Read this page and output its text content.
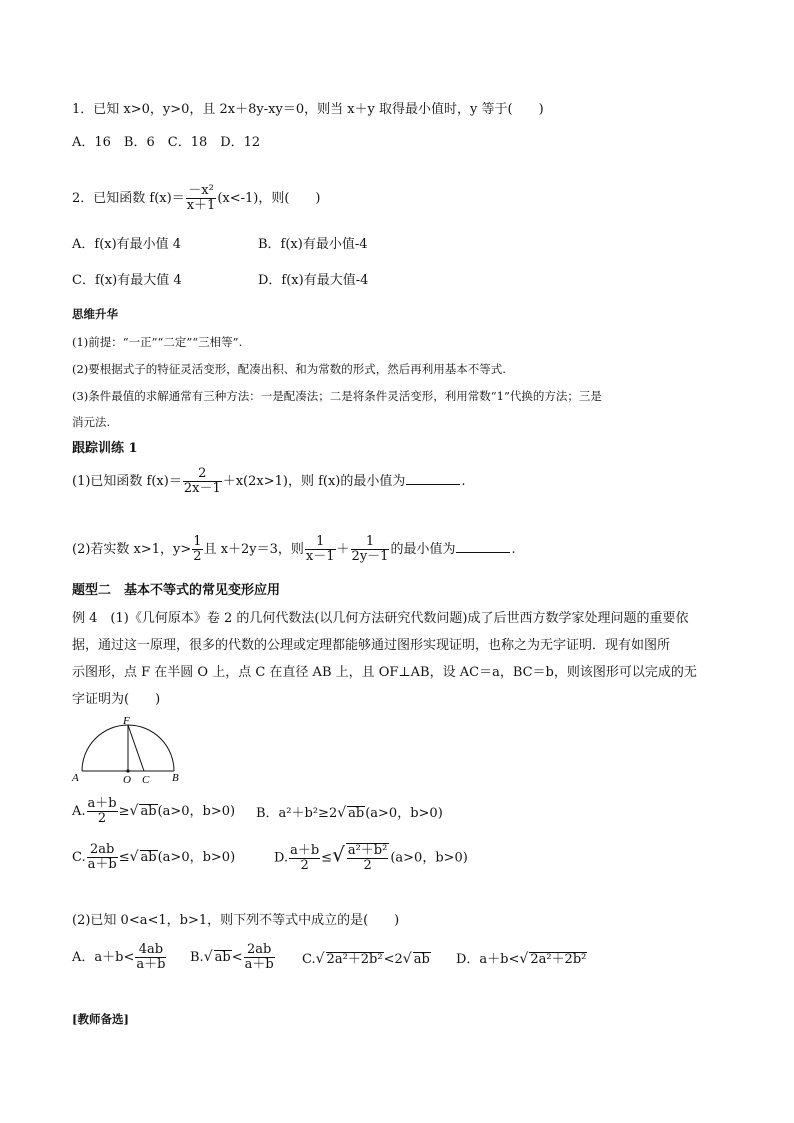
1．已知 x>0，y>0，且 2x＋8y-xy＝0，则当 x＋y 取得最小值时，y 等于(　　)
A．16　B．6　C．18　D．12
2．已知函数 $f(x)= \frac{\text{－x²}}{x+1} (x<-1)$，则(　　)
A．f(x)有最小值 4	B．f(x)有最小值-4
C．f(x)有最大值 4	D．f(x)有最大值-4
思维升华
(1)前提：“一正”“二定”“三相等”.
(2)要根据式子的特征灵活变形，配凑出积、和为常数的形式，然后再利用基本不等式.
(3)条件最值的求解通常有三种方法：一是配凑法；二是将条件灵活变形，利用常数“1”代换的方法；三是
消元法.
跟踪训练 1
(1)已知函数 $f(x)= \frac{2}{2x-1} +x(2x>1)$，则 f(x)的最小值为	.
(2)若实数 x>1，$y> \frac{1}{2}$ 且 x＋2y＝3，则 $\frac{1}{x-1} + \frac{1}{2y-1}$ 的最小值为	.
题型二　基本不等式的常见变形应用
例 4　(1)《几何原本》卷 2 的几何代数法(以几何方法研究代数问题)成了后世西方数学家处理问题的重要依
据，通过这一原理，很多的代数的公理或定理都能够通过图形实现证明，也称之为无字证明．现有如图所
示图形，点 F 在半圆 O 上，点 C 在直径 AB 上，且 OF⊥AB，设 AC＝a，BC＝b，则该图形可以完成的无
字证明为(　　)
F
A	O C B
A. $\frac{a+b}{2}$ ≥√ ab(a>0，b>0) B．a²＋b²≥2√ ab(a>0，b>0)
C. $\frac{2ab}{a+b}$ ≤√ ab(a>0，b>0)	D. $\frac{a+b}{2}$ ≤√ $\frac{\text{a²＋b²}}{2} (a>0$，b>0)
(2)已知 0<a<1，b>1，则下列不等式中成立的是(　　)
A．$a+b< \frac{4ab}{a+b} B.√$ $ab< \frac{2ab}{a+b} C.√$ 2a²＋2b²<2√ ab D．a＋b<√ 2a²＋2b²
[教师备选]
